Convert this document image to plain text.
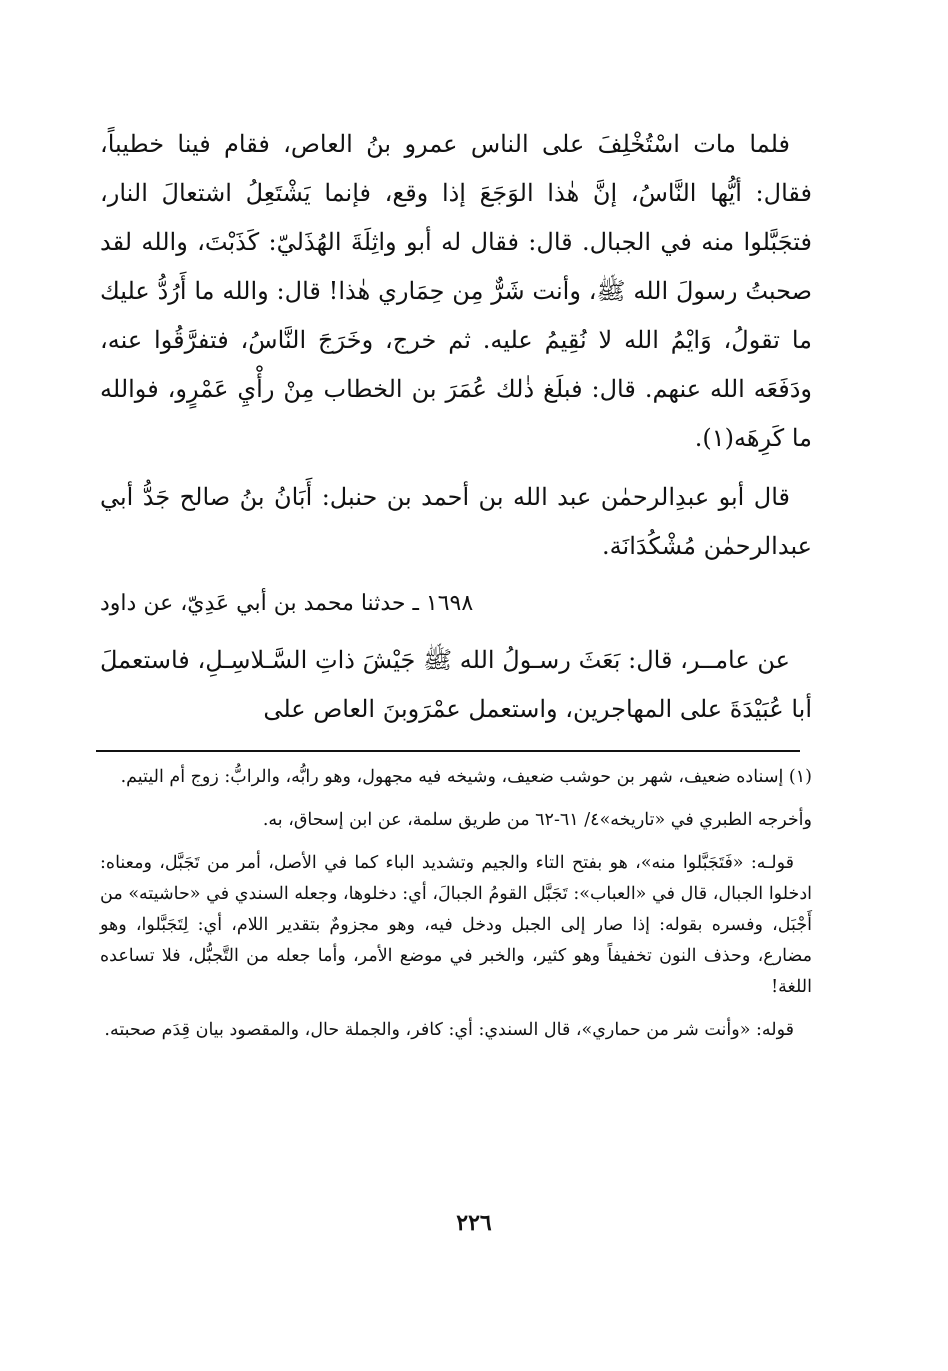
فلما مات اسْتُخْلِفَ على الناس عمرو بنُ العاص، فقام فينا خطيباً، فقال: أيُّها النَّاسُ، إنَّ هٰذا الوَجَعَ إذا وقع، فإنما يَشْتَعِلُ اشتعالَ النار، فتجَبَّلوا منه في الجبال. قال: فقال له أبو واثِلَةَ الهُذَليّ: كَذَبْتَ، والله لقد صحبتُ رسولَ الله ﷺ، وأنت شَرٌّ مِن حِمَاري هٰذا! قال: والله ما أَرُدُّ عليك ما تقولُ، وَايْمُ الله لا نُقِيمُ عليه. ثم خرج، وخَرَجَ النَّاسُ، فتفرَّقُوا عنه، ودَفَعَه الله عنهم. قال: فبلَغ ذٰلك عُمَرَ بن الخطاب مِنْ رأْيِ عَمْرٍو، فوالله ما كَرِهَه(١).

قال أبو عبدِالرحمٰن عبد الله بن أحمد بن حنبل: أَبَانُ بنُ صالح جَدُّ أبي عبدالرحمٰن مُشْكُدَانَة.

١٦٩٨ ـ حدثنا محمد بن أبي عَدِيّ، عن داود

عن عامــر، قال: بَعَثَ رسـولُ الله ﷺ جَيْشَ ذاتِ السَّـلاسِـلِ، فاستعملَ أبا عُبَيْدَةَ على المهاجرين، واستعمل عمْرَوبنَ العاص على

(١) إسناده ضعيف، شهر بن حوشب ضعيف، وشيخه فيه مجهول، وهو رابُّه، والرابُّ: زوج أم اليتيم.

وأخرجه الطبري في «تاريخه»٤/ ٦١-٦٢ من طريق سلمة، عن ابن إسحاق، به.

قولـه: «فَتَجَبَّلوا منه»، هو بفتح التاء والجيم وتشديد الباء كما في الأصل، أمر من تَجَبَّل، ومعناه: ادخلوا الجبال، قال في «العباب»: تَجَبَّل القومُ الجبالَ، أي: دخلوها، وجعله السندي في «حاشيته» من أَجْبَل، وفسره بقوله: إذا صار إلى الجبل ودخل فيه، وهو مجزومٌ بتقدير اللام، أي: لِتَجَبَّلوا، وهو مضارع، وحذف النون تخفيفاً وهو كثير، والخبر في موضع الأمر، وأما جعله من التَّجبُّل، فلا تساعده اللغة!

قوله: «وأنت شر من حماري»، قال السندي: أي: كافر، والجملة حال، والمقصود بيان قِدَم صحبته.

٢٢٦
